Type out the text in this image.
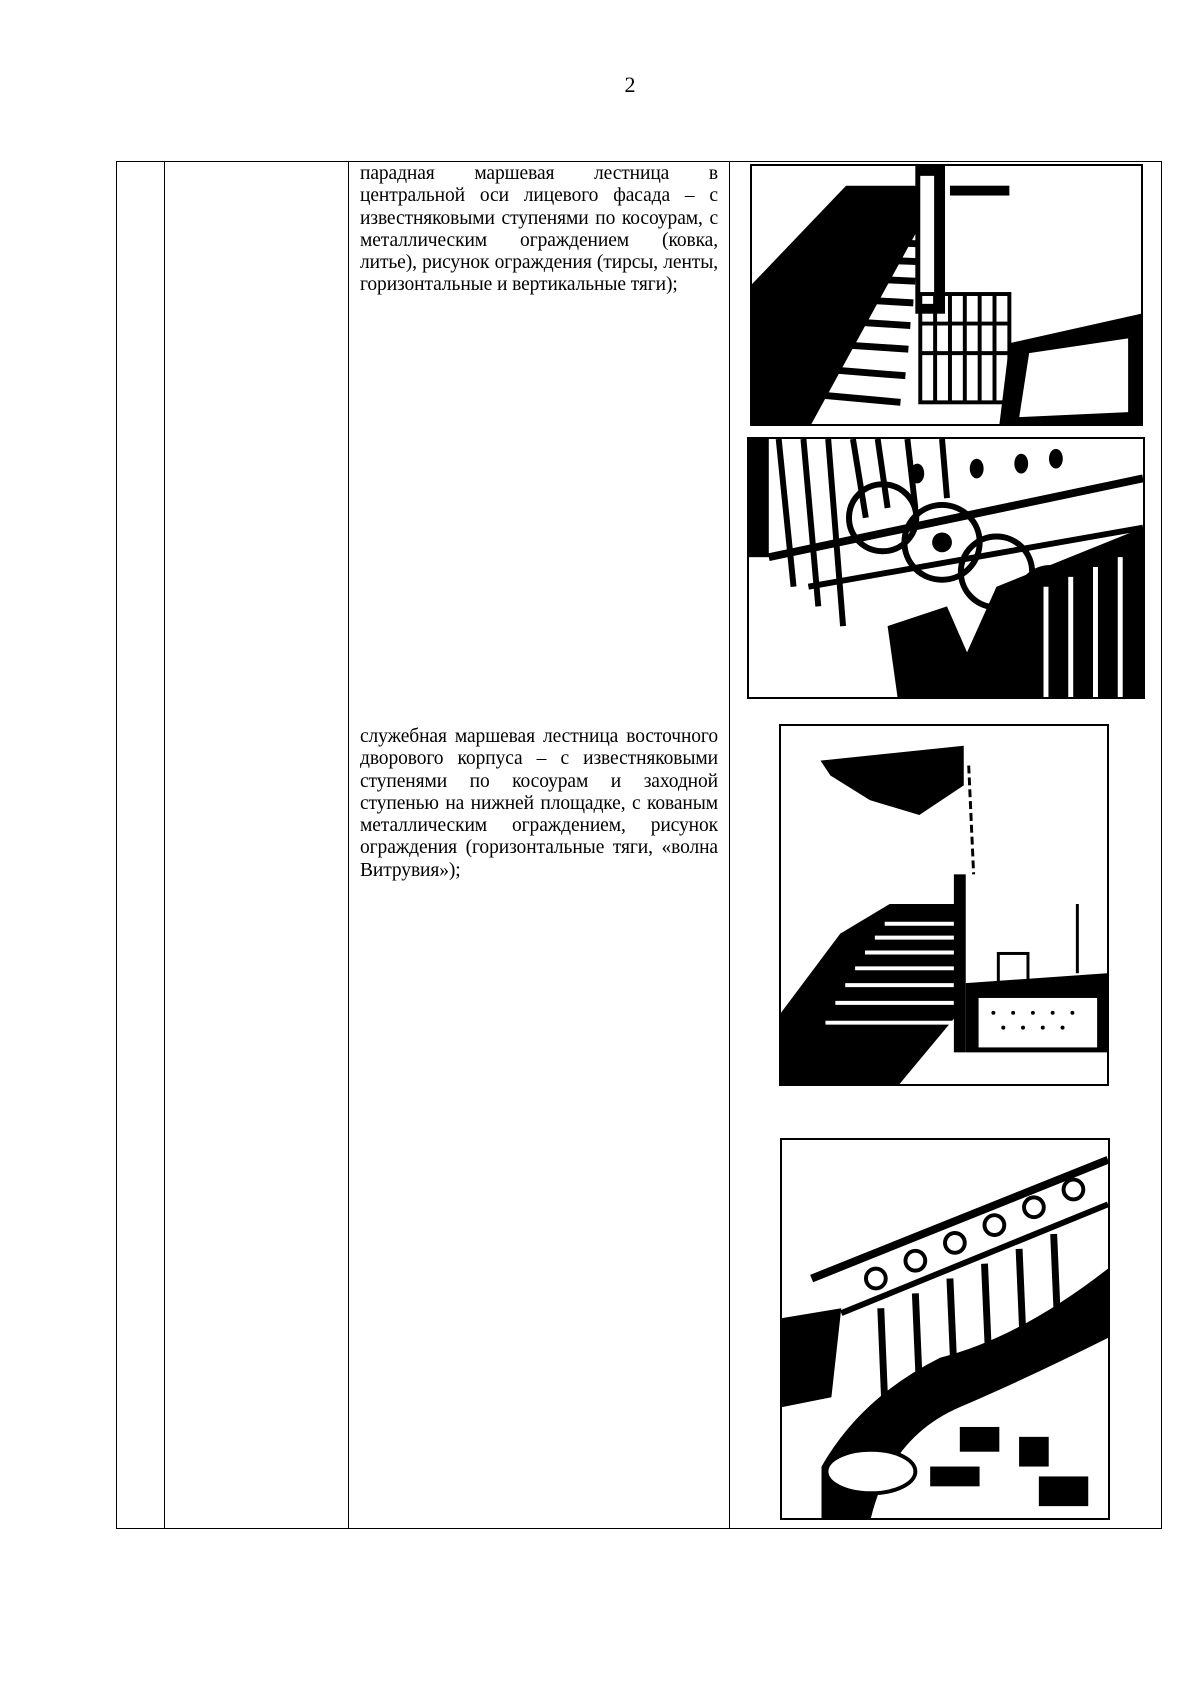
2
парадная маршевая лестница в центральной оси лицевого фасада – с известняковыми ступенями по косоурам, с металлическим ограждением (ковка, литье), рисунок ограждения (тирсы, ленты, горизонтальные и вертикальные тяги);
служебная маршевая лестница восточного дворового корпуса – с известняковыми ступенями по косоурам и заходной ступенью на нижней площадке, с кованым металлическим ограждением, рисунок ограждения (горизонтальные тяги, «волна Витрувия»);
